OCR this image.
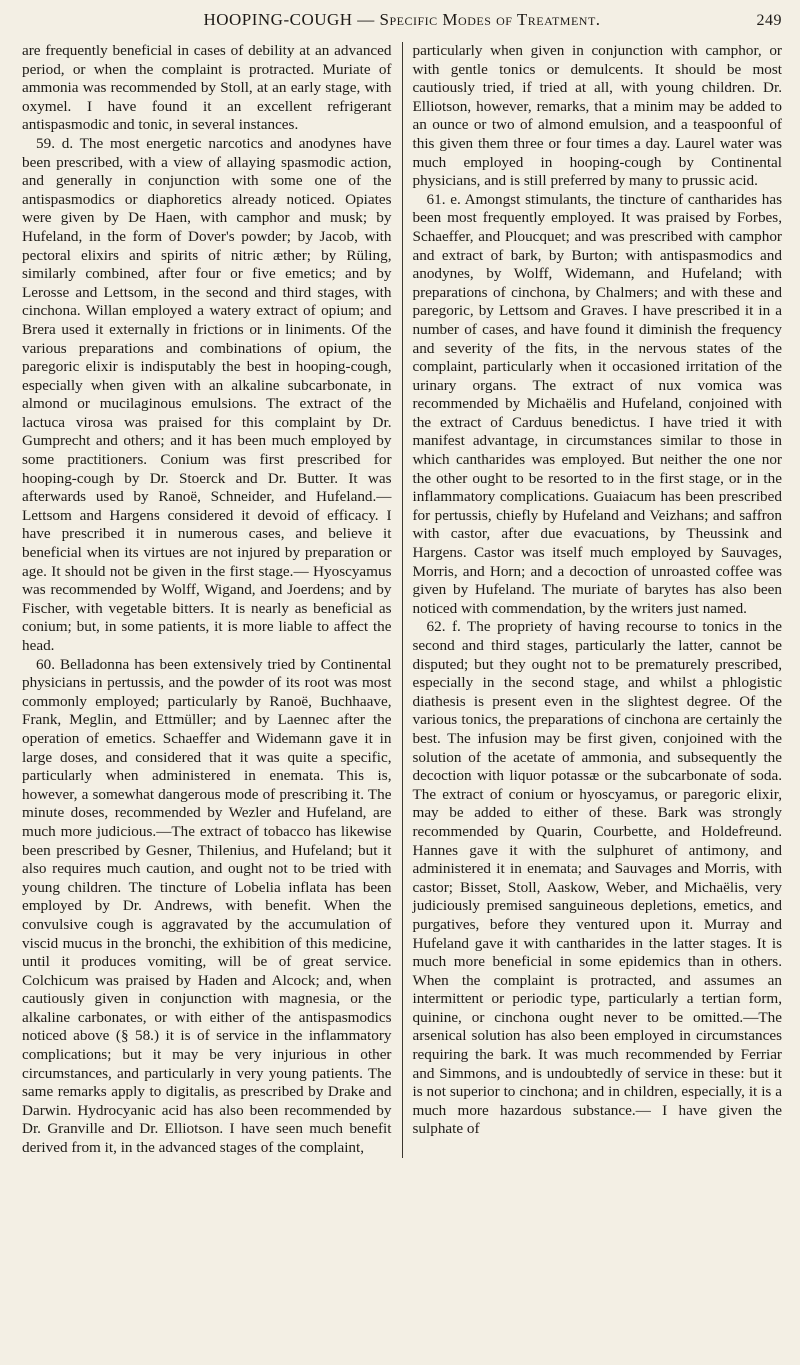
HOOPING-COUGH — Specific Modes of Treatment.	249

are frequently beneficial in cases of debility at an advanced period, or when the complaint is protracted. Muriate of ammonia was recommended by Stoll, at an early stage, with oxymel. I have found it an excellent refrigerant antispasmodic and tonic, in several instances.

59. d. The most energetic narcotics and anodynes have been prescribed, with a view of allaying spasmodic action, and generally in conjunction with some one of the antispasmodics or diaphoretics already noticed. Opiates were given by De Haen, with camphor and musk; by Hufeland, in the form of Dover's powder; by Jacob, with pectoral elixirs and spirits of nitric æther; by Rüling, similarly combined, after four or five emetics; and by Lerosse and Lettsom, in the second and third stages, with cinchona. Willan employed a watery extract of opium; and Brera used it externally in frictions or in liniments. Of the various preparations and combinations of opium, the paregoric elixir is indisputably the best in hooping-cough, especially when given with an alkaline subcarbonate, in almond or mucilaginous emulsions. The extract of the lactuca virosa was praised for this complaint by Dr. Gumprecht and others; and it has been much employed by some practitioners. Conium was first prescribed for hooping-cough by Dr. Stoerck and Dr. Butter. It was afterwards used by Ranoë, Schneider, and Hufeland.— Lettsom and Hargens considered it devoid of efficacy. I have prescribed it in numerous cases, and believe it beneficial when its virtues are not injured by preparation or age. It should not be given in the first stage.— Hyoscyamus was recommended by Wolff, Wigand, and Joerdens; and by Fischer, with vegetable bitters. It is nearly as beneficial as conium; but, in some patients, it is more liable to affect the head.

60. Belladonna has been extensively tried by Continental physicians in pertussis, and the powder of its root was most commonly employed; particularly by Ranoë, Buchhaave, Frank, Meglin, and Ettmüller; and by Laennec after the operation of emetics. Schaeffer and Widemann gave it in large doses, and considered that it was quite a specific, particularly when administered in enemata. This is, however, a somewhat dangerous mode of prescribing it. The minute doses, recommended by Wezler and Hufeland, are much more judicious.—The extract of tobacco has likewise been prescribed by Gesner, Thilenius, and Hufeland; but it also requires much caution, and ought not to be tried with young children. The tincture of Lobelia inflata has been employed by Dr. Andrews, with benefit. When the convulsive cough is aggravated by the accumulation of viscid mucus in the bronchi, the exhibition of this medicine, until it produces vomiting, will be of great service. Colchicum was praised by Haden and Alcock; and, when cautiously given in conjunction with magnesia, or the alkaline carbonates, or with either of the antispasmodics noticed above (§ 58.) it is of service in the inflammatory complications; but it may be very injurious in other circumstances, and particularly in very young patients. The same remarks apply to digitalis, as prescribed by Drake and Darwin. Hydrocyanic acid has also been recommended by Dr. Granville and Dr. Elliotson. I have seen much benefit derived from it, in the advanced stages of the complaint,

particularly when given in conjunction with camphor, or with gentle tonics or demulcents. It should be most cautiously tried, if tried at all, with young children. Dr. Elliotson, however, remarks, that a minim may be added to an ounce or two of almond emulsion, and a teaspoonful of this given them three or four times a day. Laurel water was much employed in hooping-cough by Continental physicians, and is still preferred by many to prussic acid.

61. e. Amongst stimulants, the tincture of cantharides has been most frequently employed. It was praised by Forbes, Schaeffer, and Ploucquet; and was prescribed with camphor and extract of bark, by Burton; with antispasmodics and anodynes, by Wolff, Widemann, and Hufeland; with preparations of cinchona, by Chalmers; and with these and paregoric, by Lettsom and Graves. I have prescribed it in a number of cases, and have found it diminish the frequency and severity of the fits, in the nervous states of the complaint, particularly when it occasioned irritation of the urinary organs. The extract of nux vomica was recommended by Michaëlis and Hufeland, conjoined with the extract of Carduus benedictus. I have tried it with manifest advantage, in circumstances similar to those in which cantharides was employed. But neither the one nor the other ought to be resorted to in the first stage, or in the inflammatory complications. Guaiacum has been prescribed for pertussis, chiefly by Hufeland and Veizhans; and saffron with castor, after due evacuations, by Theussink and Hargens. Castor was itself much employed by Sauvages, Morris, and Horn; and a decoction of unroasted coffee was given by Hufeland. The muriate of barytes has also been noticed with commendation, by the writers just named.

62. f. The propriety of having recourse to tonics in the second and third stages, particularly the latter, cannot be disputed; but they ought not to be prematurely prescribed, especially in the second stage, and whilst a phlogistic diathesis is present even in the slightest degree. Of the various tonics, the preparations of cinchona are certainly the best. The infusion may be first given, conjoined with the solution of the acetate of ammonia, and subsequently the decoction with liquor potassæ or the subcarbonate of soda. The extract of conium or hyoscyamus, or paregoric elixir, may be added to either of these. Bark was strongly recommended by Quarin, Courbette, and Holdefreund. Hannes gave it with the sulphuret of antimony, and administered it in enemata; and Sauvages and Morris, with castor; Bisset, Stoll, Aaskow, Weber, and Michaëlis, very judiciously premised sanguineous depletions, emetics, and purgatives, before they ventured upon it. Murray and Hufeland gave it with cantharides in the latter stages. It is much more beneficial in some epidemics than in others. When the complaint is protracted, and assumes an intermittent or periodic type, particularly a tertian form, quinine, or cinchona ought never to be omitted.—The arsenical solution has also been employed in circumstances requiring the bark. It was much recommended by Ferriar and Simmons, and is undoubtedly of service in these: but it is not superior to cinchona; and in children, especially, it is a much more hazardous substance.— I have given the sulphate of
